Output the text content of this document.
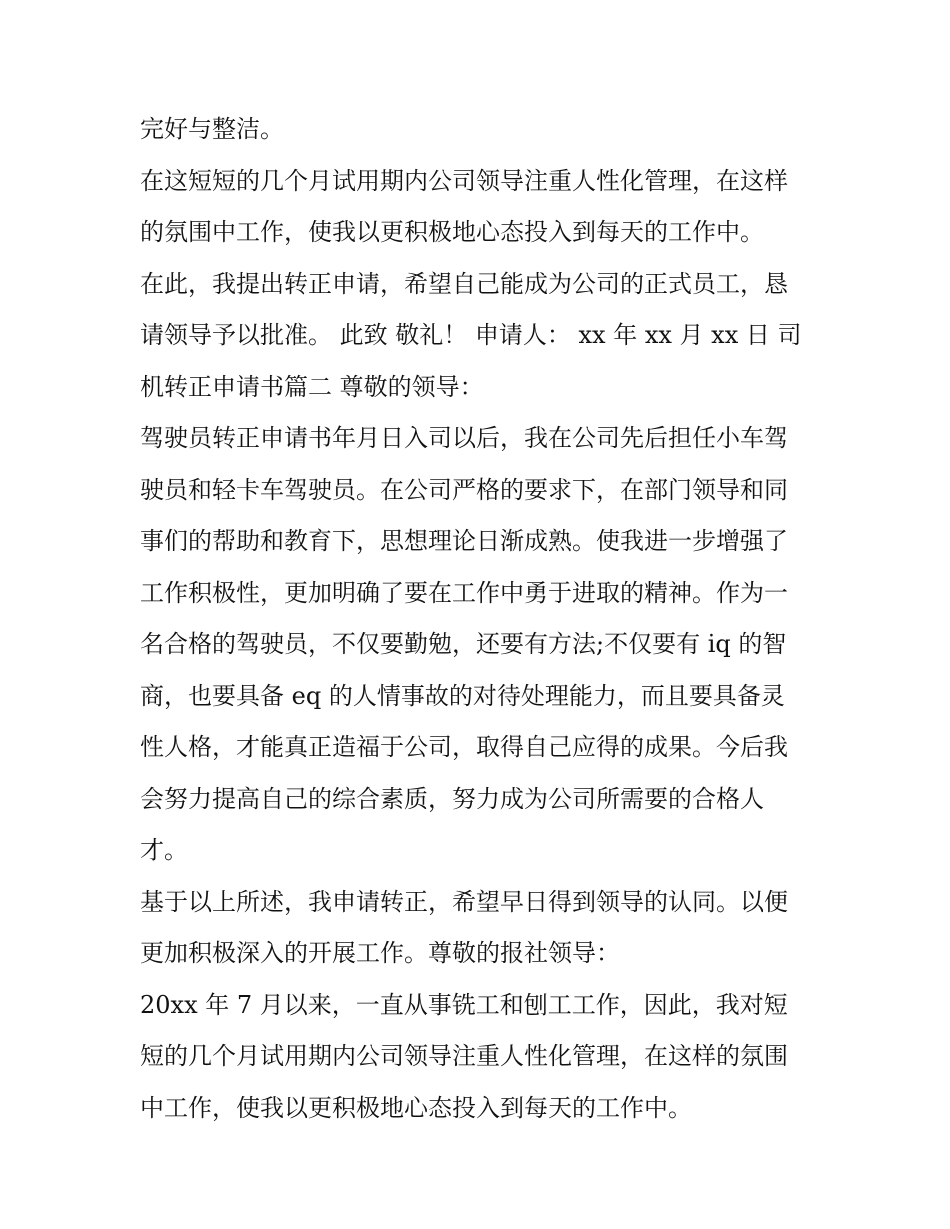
完好与整洁。
在这短短的几个月试用期内公司领导注重人性化管理，在这样
的氛围中工作，使我以更积极地心态投入到每天的工作中。
在此，我提出转正申请，希望自己能成为公司的正式员工，恳
请领导予以批准。 此致 敬礼！ 申请人： xx 年 xx 月 xx 日 司
机转正申请书篇二 尊敬的领导：
驾驶员转正申请书年月日入司以后，我在公司先后担任小车驾
驶员和轻卡车驾驶员。在公司严格的要求下，在部门领导和同
事们的帮助和教育下，思想理论日渐成熟。使我进一步增强了
工作积极性，更加明确了要在工作中勇于进取的精神。作为一
名合格的驾驶员，不仅要勤勉，还要有方法;不仅要有 iq 的智
商，也要具备 eq 的人情事故的对待处理能力，而且要具备灵
性人格，才能真正造福于公司，取得自己应得的成果。今后我
会努力提高自己的综合素质，努力成为公司所需要的合格人
才。
基于以上所述，我申请转正，希望早日得到领导的认同。以便
更加积极深入的开展工作。尊敬的报社领导：
20xx 年 7 月以来，一直从事铣工和刨工工作，因此，我对短
短的几个月试用期内公司领导注重人性化管理，在这样的氛围
中工作，使我以更积极地心态投入到每天的工作中。
